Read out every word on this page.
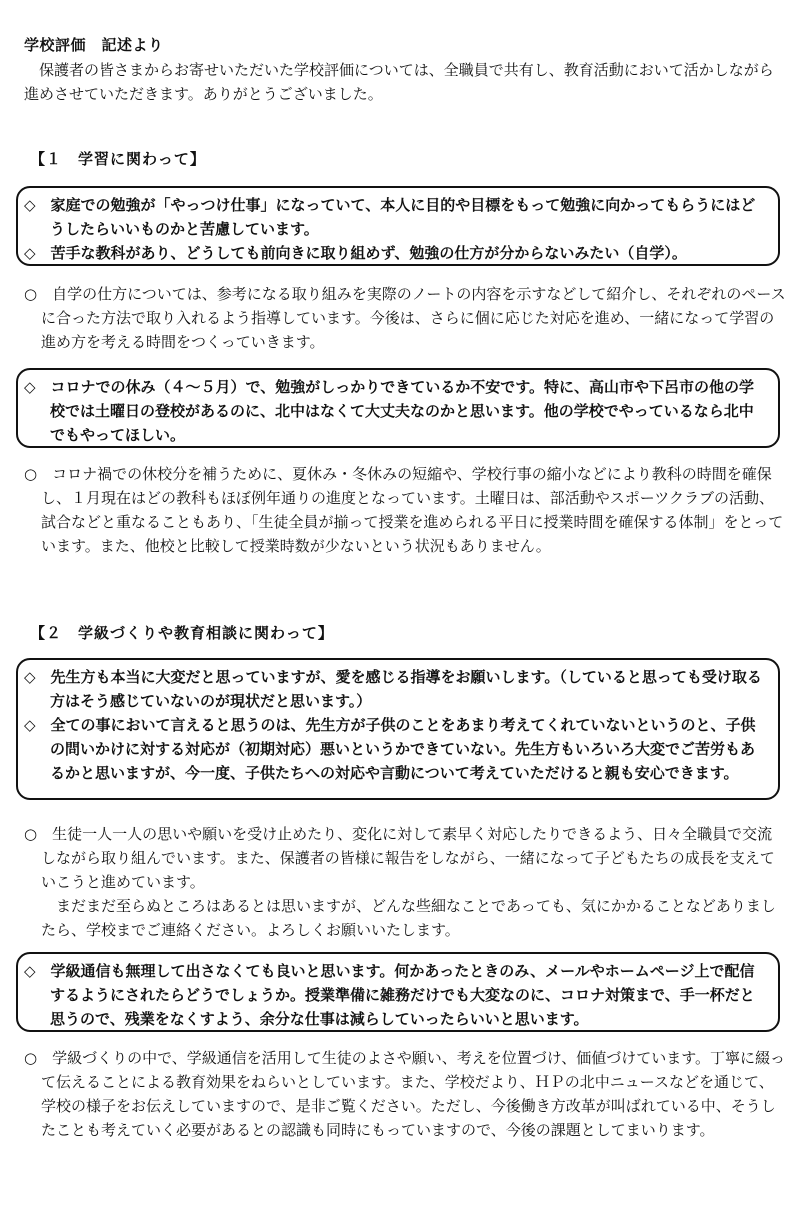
学校評価　記述より
保護者の皆さまからお寄せいただいた学校評価については、全職員で共有し、教育活動において活かしながら進めさせていただきます。ありがとうございました。
【１　学習に関わって】

◇　家庭での勉強が「やっつけ仕事」になっていて、本人に目的や目標をもって勉強に向かってもらうにはどうしたらいいものかと苦慮しています。

◇　苦手な教科があり、どうしても前向きに取り組めず、勉強の仕方が分からないみたい（自学）。

○　自学の仕方については、参考になる取り組みを実際のノートの内容を示すなどして紹介し、それぞれのペースに合った方法で取り入れるよう指導しています。今後は、さらに個に応じた対応を進め、一緒になって学習の進め方を考える時間をつくっていきます。

◇　コロナでの休み（４～５月）で、勉強がしっかりできているか不安です。特に、高山市や下呂市の他の学校では土曜日の登校があるのに、北中はなくて大丈夫なのかと思います。他の学校でやっているなら北中でもやってほしい。

○　コロナ禍での休校分を補うために、夏休み・冬休みの短縮や、学校行事の縮小などにより教科の時間を確保し、１月現在はどの教科もほぼ例年通りの進度となっています。土曜日は、部活動やスポーツクラブの活動、試合などと重なることもあり、「生徒全員が揃って授業を進められる平日に授業時間を確保する体制」をとっています。また、他校と比較して授業時数が少ないという状況もありません。

【２　学級づくりや教育相談に関わって】

◇　先生方も本当に大変だと思っていますが、愛を感じる指導をお願いします。（していると思っても受け取る方はそう感じていないのが現状だと思います。）

◇　全ての事において言えると思うのは、先生方が子供のことをあまり考えてくれていないというのと、子供の問いかけに対する対応が（初期対応）悪いというかできていない。先生方もいろいろ大変でご苦労もあるかと思いますが、今一度、子供たちへの対応や言動について考えていただけると親も安心できます。

○　生徒一人一人の思いや願いを受け止めたり、変化に対して素早く対応したりできるよう、日々全職員で交流しながら取り組んでいます。また、保護者の皆様に報告をしながら、一緒になって子どもたちの成長を支えていこうと進めています。

まだまだ至らぬところはあるとは思いますが、どんな些細なことであっても、気にかかることなどありましたら、学校までご連絡ください。よろしくお願いいたします。

◇　学級通信も無理して出さなくても良いと思います。何かあったときのみ、メールやホームページ上で配信するようにされたらどうでしょうか。授業準備に雑務だけでも大変なのに、コロナ対策まで、手一杯だと思うので、残業をなくすよう、余分な仕事は減らしていったらいいと思います。

○　学級づくりの中で、学級通信を活用して生徒のよさや願い、考えを位置づけ、価値づけています。丁寧に綴って伝えることによる教育効果をねらいとしています。また、学校だより、ＨＰの北中ニュースなどを通じて、学校の様子をお伝えしていますので、是非ご覧ください。ただし、今後働き方改革が叫ばれている中、そうしたことも考えていく必要があるとの認識も同時にもっていますので、今後の課題としてまいります。
